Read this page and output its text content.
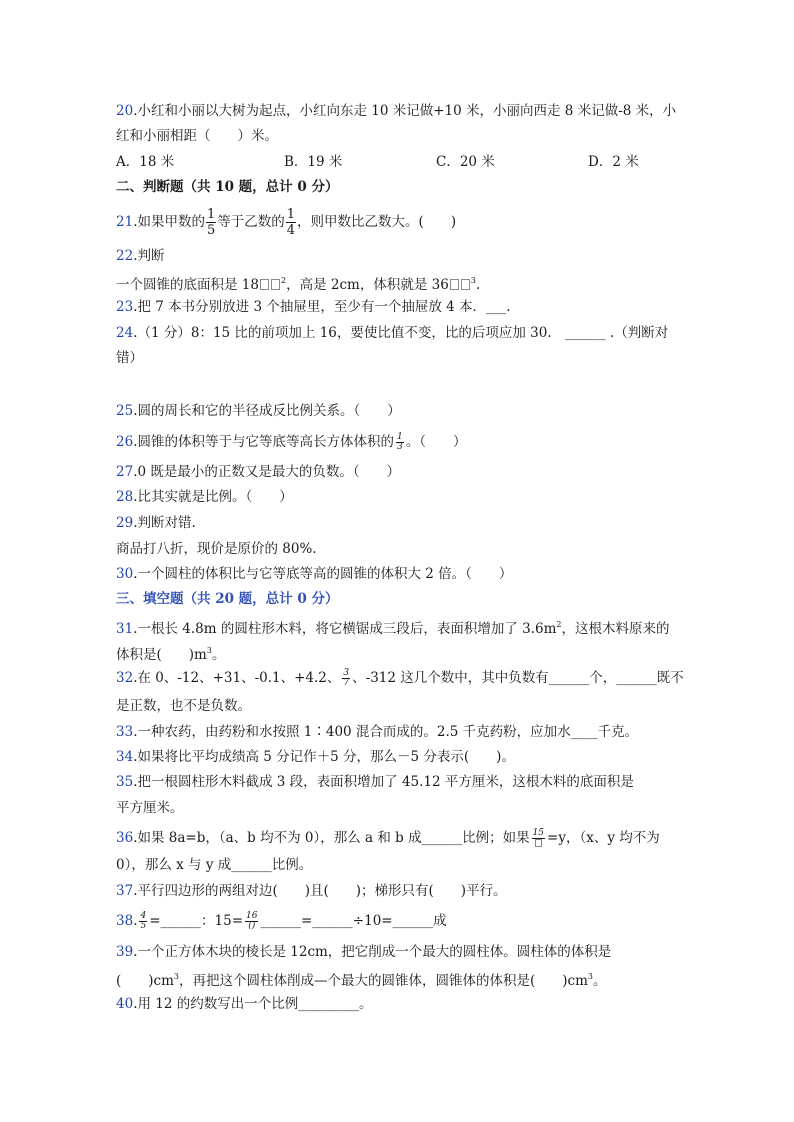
20.小红和小丽以大树为起点，小红向东走 10 米记做+10 米，小丽向西走 8 米记做-8 米，小
红和小丽相距（　　）米。
A．18 米	B．19 米	C．20 米	D．2 米
二、判断题（共 10 题，总计 0 分）
21.如果甲数的 $\frac{1}{5}$ 等于乙数的 $\frac{1}{4}$ ，则甲数比乙数大。(　　)
22.判断
一个圆锥的底面积是 18	$^2$，高是 2cm，体积就是 36	$^3$.
23.把 7 本书分别放进 3 个抽屉里，至少有一个抽屉放 4 本．___.
24.（1 分）8：15 比的前项加上 16，要使比值不变，比的后项应加 30.　______ .（判断对
错）
25.圆的周长和它的半径成反比例关系。（　　）
26.圆锥的体积等于与它等底等高长方体体积的 $\frac{1}{3}$ 。（　　）
27.0 既是最小的正数又是最大的负数。（　　）
28.比其实就是比例。（　　）
29.判断对错.
商品打八折，现价是原价的 80%.
30.一个圆柱的体积比与它等底等高的圆锥的体积大 2 倍。（　　）
三、填空题（共 20 题，总计 0 分）
31.一根长 4.8m 的圆柱形木料，将它横锯成三段后，表面积增加了 $3.6m^2$，这根木料原来的
体积是(　　)$m^3$。
32.在 0、-12、+31、-0.1、+4.2、 $\frac{3}{7}$ 、-312 这几个数中，其中负数有______个，______既不
是正数，也不是负数。
33.一种农药，由药粉和水按照 1∶400 混合而成的。2.5 千克药粉，应加水____千克。
34.如果将比平均成绩高 5 分记作＋5 分，那么－5 分表示(　　)。
35.把一根圆柱形木料截成 3 段，表面积增加了 45.12 平方厘米，这根木料的底面积是
平方厘米。
36.如果 8a=b，（a、b 均不为 0），那么 a 和 b 成______比例；如果 15 =y，（x、y 均不为
0），那么 x 与 y 成______比例。
37.平行四边形的两组对边(　　)且(　　)；梯形只有(　　)平行。
38. $\frac{4}{5}$ =______：15= 16
() ______=______÷10=______成
39.一个正方体木块的棱长是 12cm，把它削成一个最大的圆柱体。圆柱体的体积是
(　　)$cm^3$，再把这个圆柱体削成—个最大的圆锥体，圆锥体的体积是(　　)$cm^3$。
40.用 12 的约数写出一个比例_________。
